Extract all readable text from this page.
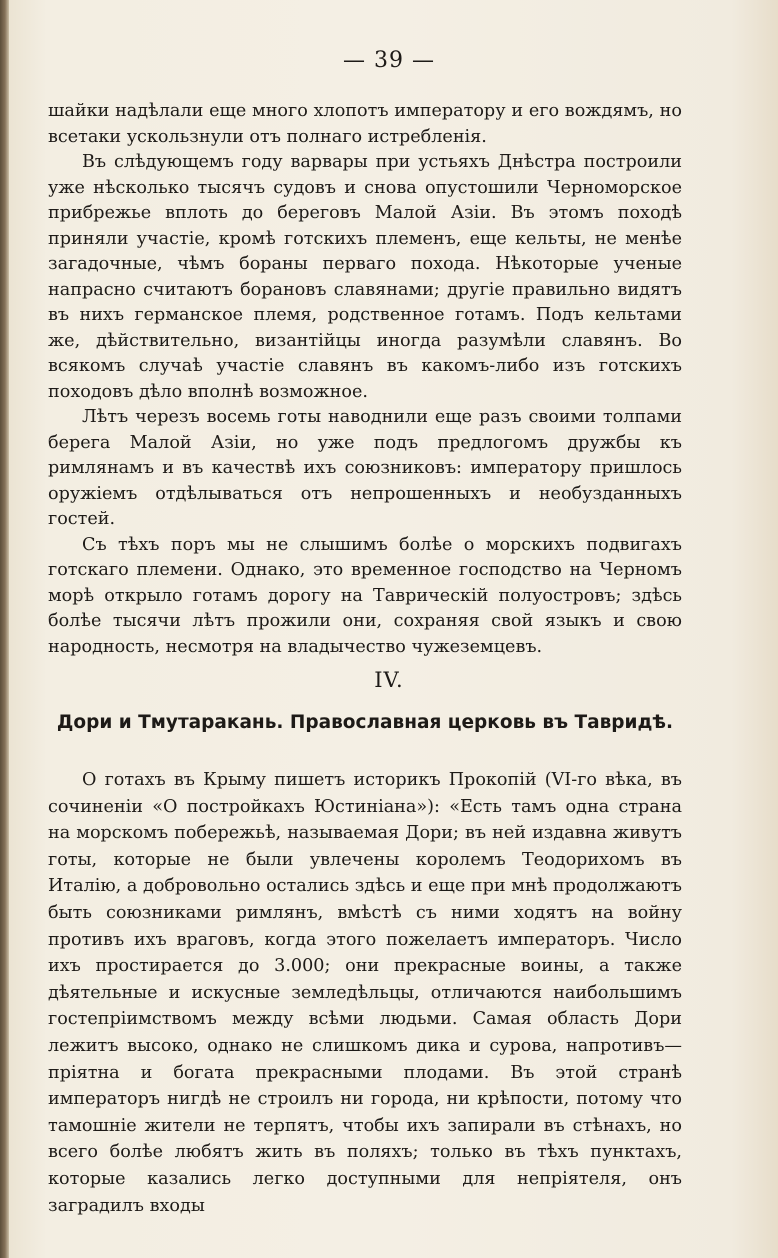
— 39 —

шайки надѣлали еще много хлопотъ императору и его вождямъ, но всетаки ускользнули отъ полнаго истребленія.

Въ слѣдующемъ году варвары при устьяхъ Днѣстра построили уже нѣсколько тысячъ судовъ и снова опустошили Черноморское прибрежье вплоть до береговъ Малой Азіи. Въ этомъ походѣ приняли участіе, кромѣ готскихъ племенъ, еще кельты, не менѣе загадочные, чѣмъ бораны перваго похода. Нѣкоторые ученые напрасно считаютъ борановъ славянами; другіе правильно видятъ въ нихъ германское племя, родственное готамъ. Подъ кельтами же, дѣйствительно, византійцы иногда разумѣли славянъ. Во всякомъ случаѣ участіе славянъ въ какомъ-либо изъ готскихъ походовъ дѣло вполнѣ возможное.

Лѣтъ черезъ восемь готы наводнили еще разъ своими толпами берега Малой Азіи, но уже подъ предлогомъ дружбы къ римлянамъ и въ качествѣ ихъ союзниковъ: императору пришлось оружіемъ отдѣлываться отъ непрошенныхъ и необузданныхъ гостей.

Съ тѣхъ поръ мы не слышимъ болѣе о морскихъ подвигахъ готскаго племени. Однако, это временное господство на Черномъ морѣ открыло готамъ дорогу на Таврическій полуостровъ; здѣсь болѣе тысячи лѣтъ прожили они, сохраняя свой языкъ и свою народность, несмотря на владычество чужеземцевъ.

IV.
Дори и Тмутаракань. Православная церковь въ Тавридѣ.

О готахъ въ Крыму пишетъ историкъ Прокопій (VI-го вѣка, въ сочиненіи «О постройкахъ Юстиніана»): «Есть тамъ одна страна на морскомъ побережьѣ, называемая Дори; въ ней издавна живутъ готы, которые не были увлечены королемъ Теодорихомъ въ Италію, а добровольно остались здѣсь и еще при мнѣ продолжаютъ быть союзниками римлянъ, вмѣстѣ съ ними ходятъ на войну противъ ихъ враговъ, когда этого пожелаетъ императоръ. Число ихъ простирается до 3.000; они прекрасные воины, а также дѣятельные и искусные земледѣльцы, отличаются наибольшимъ гостепріимствомъ между всѣми людьми. Самая область Дори лежитъ высоко, однако не слишкомъ дика и сурова, напротивъ—пріятна и богата прекрасными плодами. Въ этой странѣ императоръ нигдѣ не строилъ ни города, ни крѣпости, потому что тамошніе жители не терпятъ, чтобы ихъ запирали въ стѣнахъ, но всего болѣе любятъ жить въ поляхъ; только въ тѣхъ пунктахъ, которые казались легко доступными для непріятеля, онъ заградилъ входы
